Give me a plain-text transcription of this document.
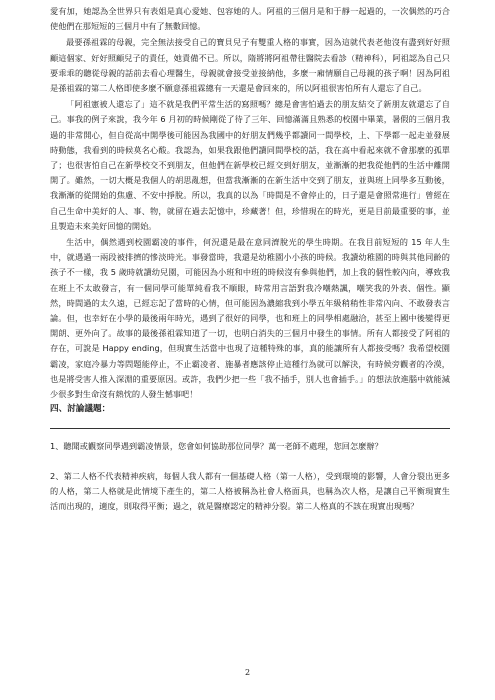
愛有加，她認為全世界只有表姐是真心愛她、包容她的人。阿祖的三個月是和于靜一起過的，一次偶然的巧合使他們在那短短的三個月中有了無數回憶。

最要孫祖霖的母親，完全無法接受自己的寶貝兒子有雙重人格的事實，因為這就代表老他沒有盡到好好照顧這個家、好好照顧兒子的責任，她責備不已。所以，隋將將阿祖帶往醫院去看診（精神科），阿祖認為自己只要乖乖的聽從母親的話前去看心理醫生，母親就會接受並接納他，多麼一廂情願自己母親的孩子啊！因為阿祖是孫祖霖的第二人格即使多麼不願意孫祖霖總有一天還是會回來的，所以阿祖很害怕所有人還忘了自己。

「阿祖憲被人還忘了」這不就是我們平常生活的寫照嗎？總是會害怕過去的朋友結交了新朋友就還忘了自己。事我的例子來說，我今年 6 月初的時候剛從了待了三年、回憶滿滿且熟悉的校園中畢業，暑假的三個月我過的非常開心，但自從高中開學後可能因為我國中的好朋友們幾乎都讀同一間學校，上、下學都一起走並發展時動態，我看到的時候莫名心酸。我認為，如果我跟他們讀同間學校的話，我在高中看起來就不會那麼的孤單了；也很害怕自己在新學校交不到朋友，但他們在新學校已經交到好朋友，並漸漸的把我從他們的生活中離開開了。雖然，一切大概是我個人的胡思亂想，但當我漸漸的在新生活中交到了朋友，並與班上同學多互動後，我漸漸的從開始的焦慮、不安中掙脫。所以，我真的以為「時間是不會停止的，日子還是會照常進行」曾經在自己生命中美好的人、事、物，就留在過去記憶中，珍藏著！但，珍惜現在的時光，更是目前最重要的事，並且製造未來美好回憶的開始。

生活中，偶然遇到校園霸凌的事件，何況還是最在意同濟脫光的學生時期。在我目前短短的 15 年人生中，就遇過一兩段被排擠的慘淡時光。事發當時，我還是幼稚園小小孩的時候。我讀幼稚園的時與其他同齡的孩子不一樣，我 5 歲時就讀幼兒園，可能因為小班和中班的時候沒有參與他們，加上我的個性較內向，導致我在班上不太敢發言，有一個同學可能單純看我不順眼，時常用言語對我冷嘲熱諷，嘲笑我的外表、個性。顯然，時間過的太久遠，已經忘記了當時的心情，但可能因為濃縮我到小學五年級稍稍性非常內向、不敢發表言論。但，也幸好在小學的最後兩年時光，遇到了很好的同學，也和班上的同學相處融洽，甚至上國中後變得更開朗、更外向了。故事的最後孫祖霖知道了一切，也明白消失的三個月中發生的事情。所有人都接受了阿祖的存在，可說是 Happy ending，但現實生活當中也現了這種特殊的事，真的能讓所有人都接受嗎？我希望校園霸凌，家庭冷暴力等問題能停止，不止霸凌者、施暴者應該停止這種行為就可以解決，有時候旁觀者的冷漠，也是將受害人推入深淵的重要原因。或許，我們少把一些「我不插手，別人也會插手。」的想法放進腦中就能減少很多對生命沒有熱忱的人發生憾事吧！

四、討論議題：

1、聽聞或觀察同學遇到霸凌情景，您會如何協助那位同學？萬一老師不處理，您回怎麼辦？

2、第二人格不代表精神疾病，每個人我人都有一個基礎人格（第一人格），受到環境的影響，人會分裂出更多的人格，第二人格就是此情境下產生的，第二人格被稱為社會人格面具，也稱為次人格，是讓自己平衡現實生活而出現的，適度，則取得平衡；過之，就是醫療認定的精神分裂。第二人格真的不該在現實出現嗎？

2
